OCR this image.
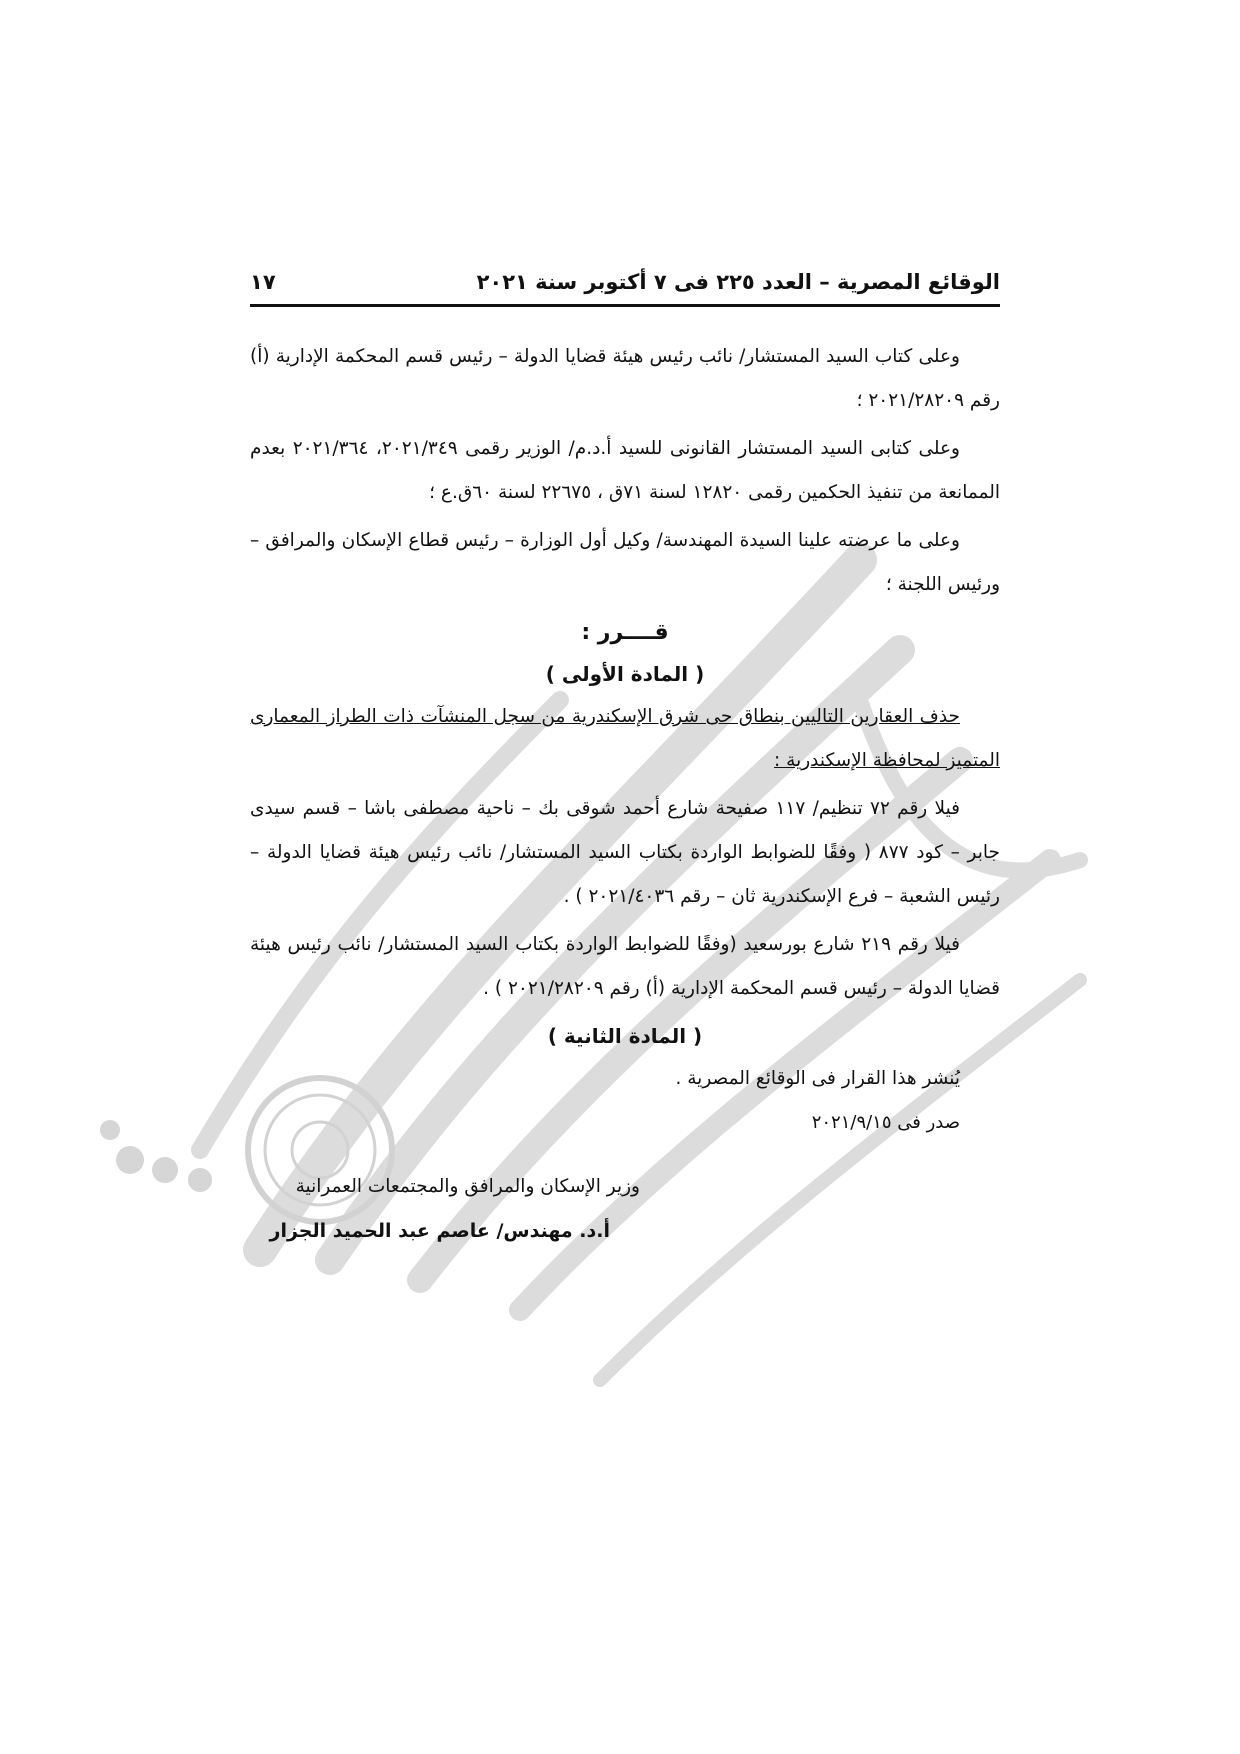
الوقائع المصرية – العدد ٢٢٥ فى ٧ أكتوبر سنة ٢٠٢١
١٧

وعلى كتاب السيد المستشار/ نائب رئيس هيئة قضايا الدولة – رئيس قسم المحكمة الإدارية (أ) رقم ٢٠٢١/٢٨٢٠٩ ؛

وعلى كتابى السيد المستشار القانونى للسيد أ.د.م/ الوزير رقمى ٢٠٢١/٣٤٩، ٢٠٢١/٣٦٤ بعدم الممانعة من تنفيذ الحكمين رقمى ١٢٨٢٠ لسنة ٧١ق ، ٢٢٦٧٥ لسنة ٦٠ق.ع ؛

وعلى ما عرضته علينا السيدة المهندسة/ وكيل أول الوزارة – رئيس قطاع الإسكان والمرافق – ورئيس اللجنة ؛

قــــرر :
( المادة الأولى )

حذف العقارين التاليين بنطاق حى شرق الإسكندرية من سجل المنشآت ذات الطراز المعمارى المتميز لمحافظة الإسكندرية :

فيلا رقم ٧٢ تنظيم/ ١١٧ صفيحة شارع أحمد شوقى بك – ناحية مصطفى باشا – قسم سيدى جابر – كود ٨٧٧ ( وفقًا للضوابط الواردة بكتاب السيد المستشار/ نائب رئيس هيئة قضايا الدولة – رئيس الشعبة – فرع الإسكندرية ثان – رقم ٢٠٢١/٤٠٣٦ ) .

فيلا رقم ٢١٩ شارع بورسعيد (وفقًا للضوابط الواردة بكتاب السيد المستشار/ نائب رئيس هيئة قضايا الدولة – رئيس قسم المحكمة الإدارية (أ) رقم ٢٠٢١/٢٨٢٠٩ ) .

( المادة الثانية )

يُنشر هذا القرار فى الوقائع المصرية .

صدر فى ٢٠٢١/٩/١٥

وزير الإسكان والمرافق والمجتمعات العمرانية
أ.د. مهندس/ عاصم عبد الحميد الجزار
